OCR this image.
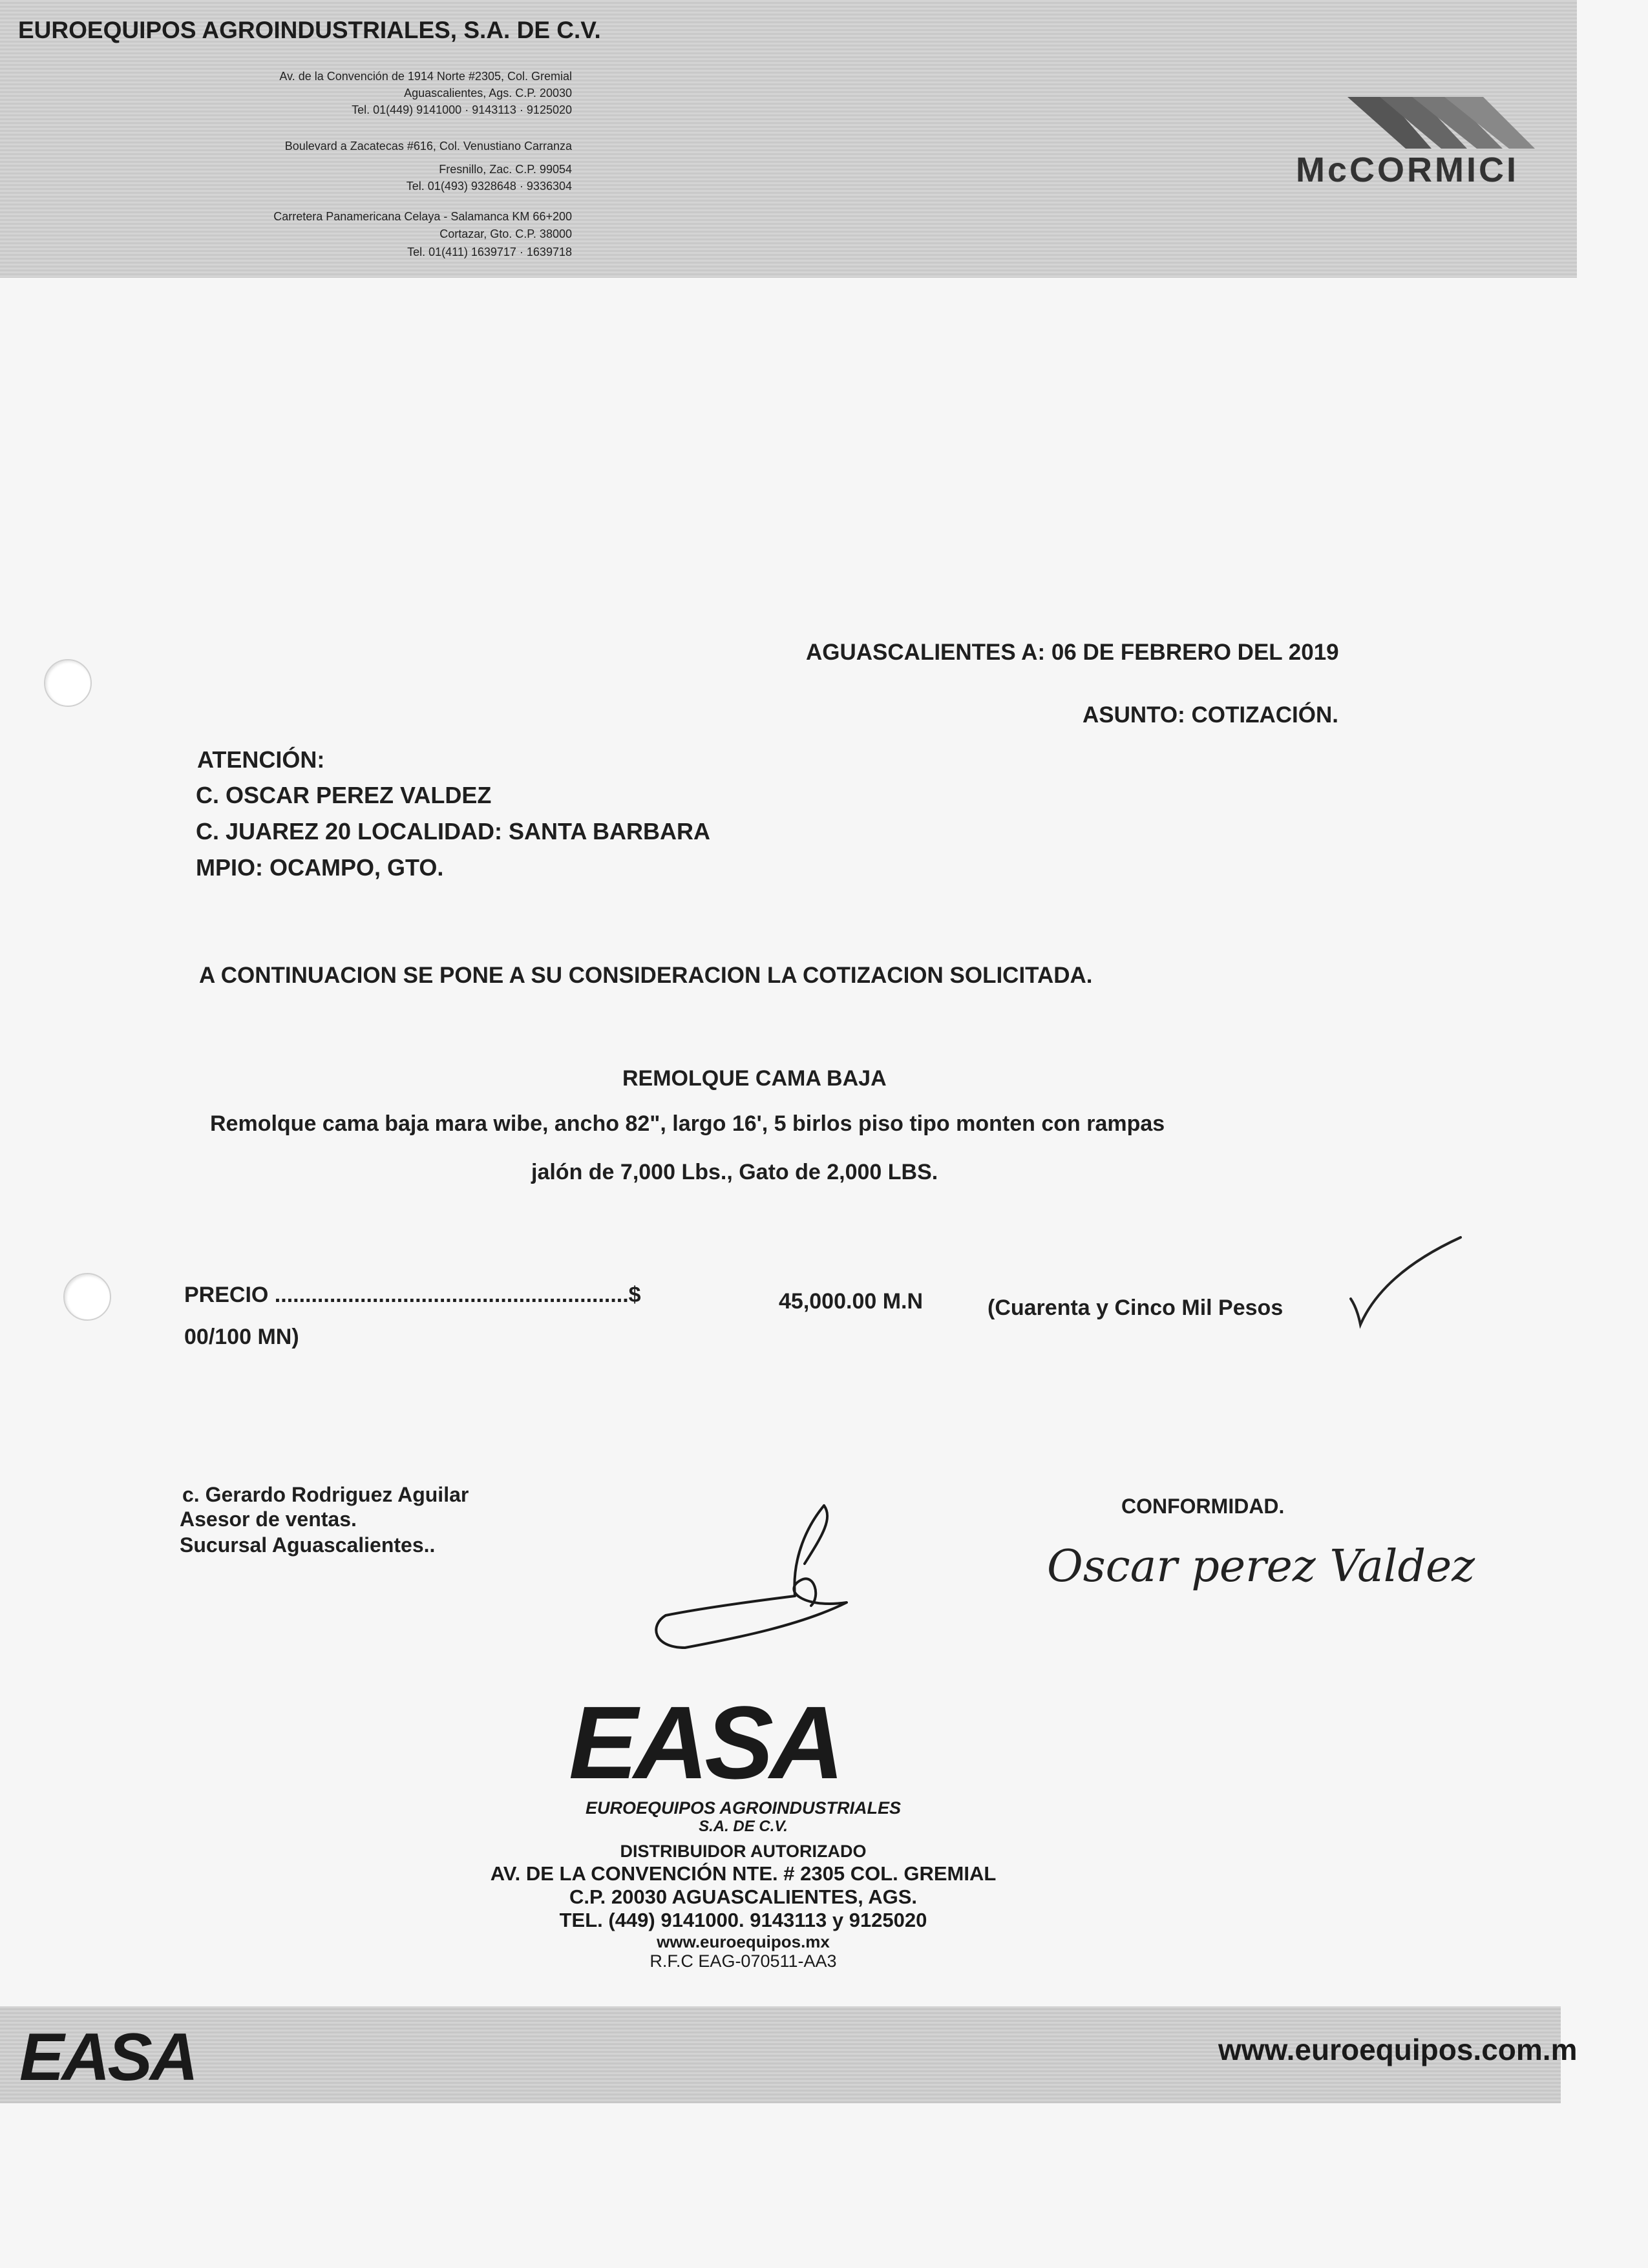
EUROEQUIPOS AGROINDUSTRIALES, S.A. DE C.V.
Av. de la Convención de 1914 Norte #2305, Col. Gremial
Aguascalientes, Ags. C.P. 20030
Tel. 01(449) 9141000 · 9143113 · 9125020
Boulevard a Zacatecas #616, Col. Venustiano Carranza
Fresnillo, Zac. C.P. 99054
Tel. 01(493) 9328648 · 9336304
Carretera Panamericana Celaya - Salamanca KM 66+200
Cortazar, Gto. C.P. 38000
Tel. 01(411) 1639717 · 1639718
McCORMICI
AGUASCALIENTES A: 06 DE FEBRERO DEL 2019
ASUNTO: COTIZACIÓN.
ATENCIÓN:
C. OSCAR PEREZ VALDEZ
C. JUAREZ 20 LOCALIDAD: SANTA BARBARA
MPIO: OCAMPO, GTO.
A CONTINUACION SE PONE A SU CONSIDERACION LA COTIZACION SOLICITADA.
REMOLQUE CAMA BAJA
Remolque cama baja mara wibe, ancho 82", largo 16', 5 birlos piso tipo monten con rampas
jalón de 7,000 Lbs., Gato de 2,000 LBS.
PRECIO ..........................................................$	45,000.00 M.N	(Cuarenta y Cinco Mil Pesos
00/100 MN)
c. Gerardo Rodriguez Aguilar
Asesor de ventas.
Sucursal Aguascalientes..
CONFORMIDAD.
Oscar perez Valdez
EASA
EUROEQUIPOS AGROINDUSTRIALES
S.A. DE C.V.
DISTRIBUIDOR AUTORIZADO
AV. DE LA CONVENCIÓN NTE. # 2305 COL. GREMIAL
C.P. 20030 AGUASCALIENTES, AGS.
TEL. (449) 9141000. 9143113 y 9125020
www.euroequipos.mx
R.F.C EAG-070511-AA3
EASA	www.euroequipos.com.m
